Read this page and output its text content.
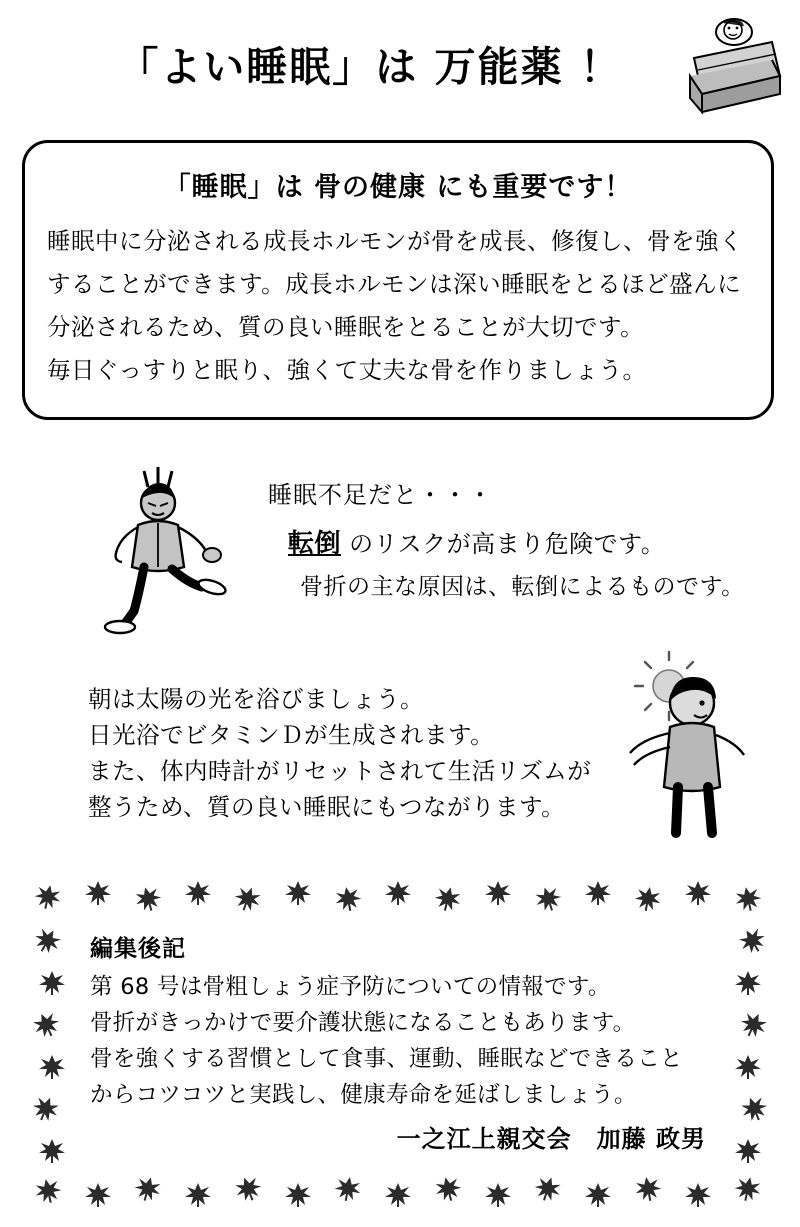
「よい睡眠」は 万能薬 ！
「睡眠」は 骨の健康 にも重要です！

睡眠中に分泌される成長ホルモンが骨を成長、修復し、骨を強く

することができます。成長ホルモンは深い睡眠をとるほど盛んに

分泌されるため、質の良い睡眠をとることが大切です。

毎日ぐっすりと眠り、強くて丈夫な骨を作りましょう。

睡眠不足だと・・・
転倒 のリスクが高まり危険です。
骨折の主な原因は、転倒によるものです。

朝は太陽の光を浴びましょう。

日光浴でビタミンＤが生成されます。

また、体内時計がリセットされて生活リズムが

整うため、質の良い睡眠にもつながります。

編集後記

第 68 号は骨粗しょう症予防についての情報です。

骨折がきっかけで要介護状態になることもあります。

骨を強くする習慣として食事、運動、睡眠などできること

からコツコツと実践し、健康寿命を延ばしましょう。

一之江上親交会　加藤 政男
